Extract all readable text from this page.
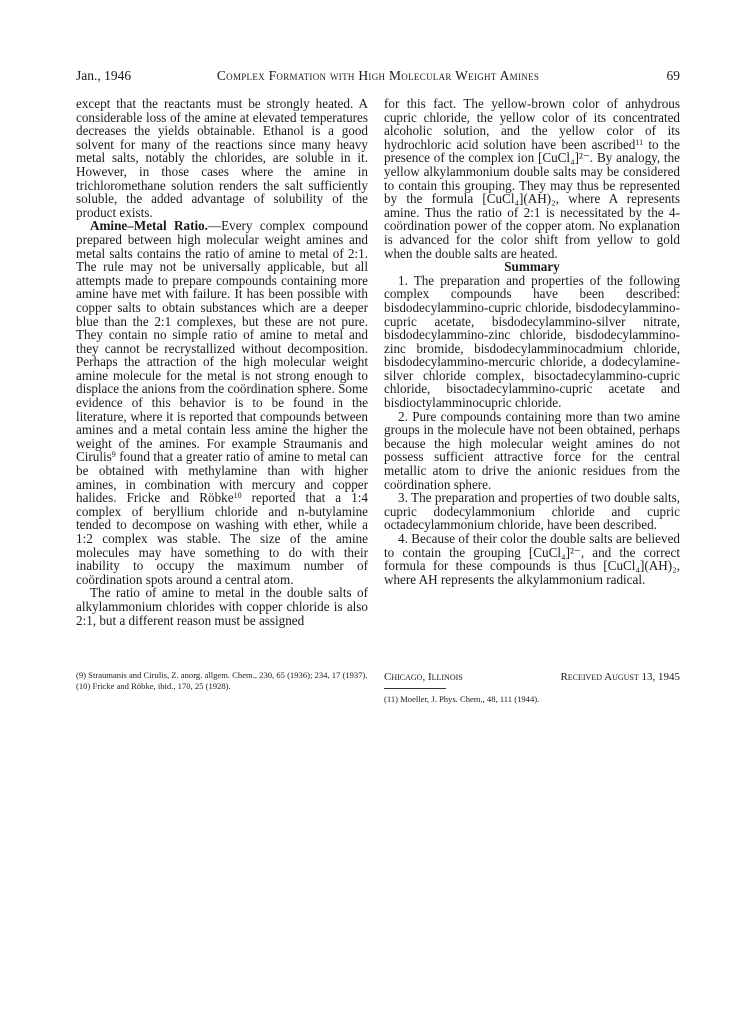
Jan., 1946	Complex Formation with High Molecular Weight Amines	69

except that the reactants must be strongly heated. A considerable loss of the amine at elevated temperatures decreases the yields obtainable. Ethanol is a good solvent for many of the reactions since many heavy metal salts, notably the chlorides, are soluble in it. However, in those cases where the amine in trichloromethane solution renders the salt sufficiently soluble, the added advantage of solubility of the product exists.

Amine–Metal Ratio.—Every complex compound prepared between high molecular weight amines and metal salts contains the ratio of amine to metal of 2:1. The rule may not be universally applicable, but all attempts made to prepare compounds containing more amine have met with failure. It has been possible with copper salts to obtain substances which are a deeper blue than the 2:1 complexes, but these are not pure. They contain no simple ratio of amine to metal and they cannot be recrystallized without decomposition. Perhaps the attraction of the high molecular weight amine molecule for the metal is not strong enough to displace the anions from the coördination sphere. Some evidence of this behavior is to be found in the literature, where it is reported that compounds between amines and a metal contain less amine the higher the weight of the amines. For example Straumanis and Cirulis$^9$ found that a greater ratio of amine to metal can be obtained with methylamine than with higher amines, in combination with mercury and copper halides. Fricke and Röbke$^{10}$ reported that a 1:4 complex of beryllium chloride and n-butylamine tended to decompose on washing with ether, while a 1:2 complex was stable. The size of the amine molecules may have something to do with their inability to occupy the maximum number of coördination spots around a central atom.

The ratio of amine to metal in the double salts of alkylammonium chlorides with copper chloride is also 2:1, but a different reason must be assigned

(9) Straumanis and Cirulis, Z. anorg. allgem. Chem., 230, 65 (1936); 234, 17 (1937).

(10) Fricke and Röbke, ibid., 170, 25 (1928).

for this fact. The yellow-brown color of anhydrous cupric chloride, the yellow color of its concentrated alcoholic solution, and the yellow color of its hydrochloric acid solution have been ascribed$^{11}$ to the presence of the complex ion [CuCl₄]²⁻. By analogy, the yellow alkylammonium double salts may be considered to contain this grouping. They may thus be represented by the formula [CuCl₄](AH)₂, where A represents amine. Thus the ratio of 2:1 is necessitated by the 4-coördination power of the copper atom. No explanation is advanced for the color shift from yellow to gold when the double salts are heated.

Summary

1. The preparation and properties of the following complex compounds have been described: bisdodecylammino-cupric chloride, bisdodecylammino-cupric acetate, bisdodecylammino-silver nitrate, bisdodecylammino-zinc chloride, bisdodecylammino-zinc bromide, bisdodecylamminocadmium chloride, bisdodecylammino-mercuric chloride, a dodecylamine-silver chloride complex, bisoctadecylammino-cupric chloride, bisoctadecylammino-cupric acetate and bisdioctylamminocupric chloride.

2. Pure compounds containing more than two amine groups in the molecule have not been obtained, perhaps because the high molecular weight amines do not possess sufficient attractive force for the central metallic atom to drive the anionic residues from the coördination sphere.

3. The preparation and properties of two double salts, cupric dodecylammonium chloride and cupric octadecylammonium chloride, have been described.

4. Because of their color the double salts are believed to contain the grouping [CuCl₄]²⁻, and the correct formula for these compounds is thus [CuCl₄](AH)₂, where AH represents the alkylammonium radical.

Chicago, Illinois	Received August 13, 1945

(11) Moeller, J. Phys. Chem., 48, 111 (1944).
